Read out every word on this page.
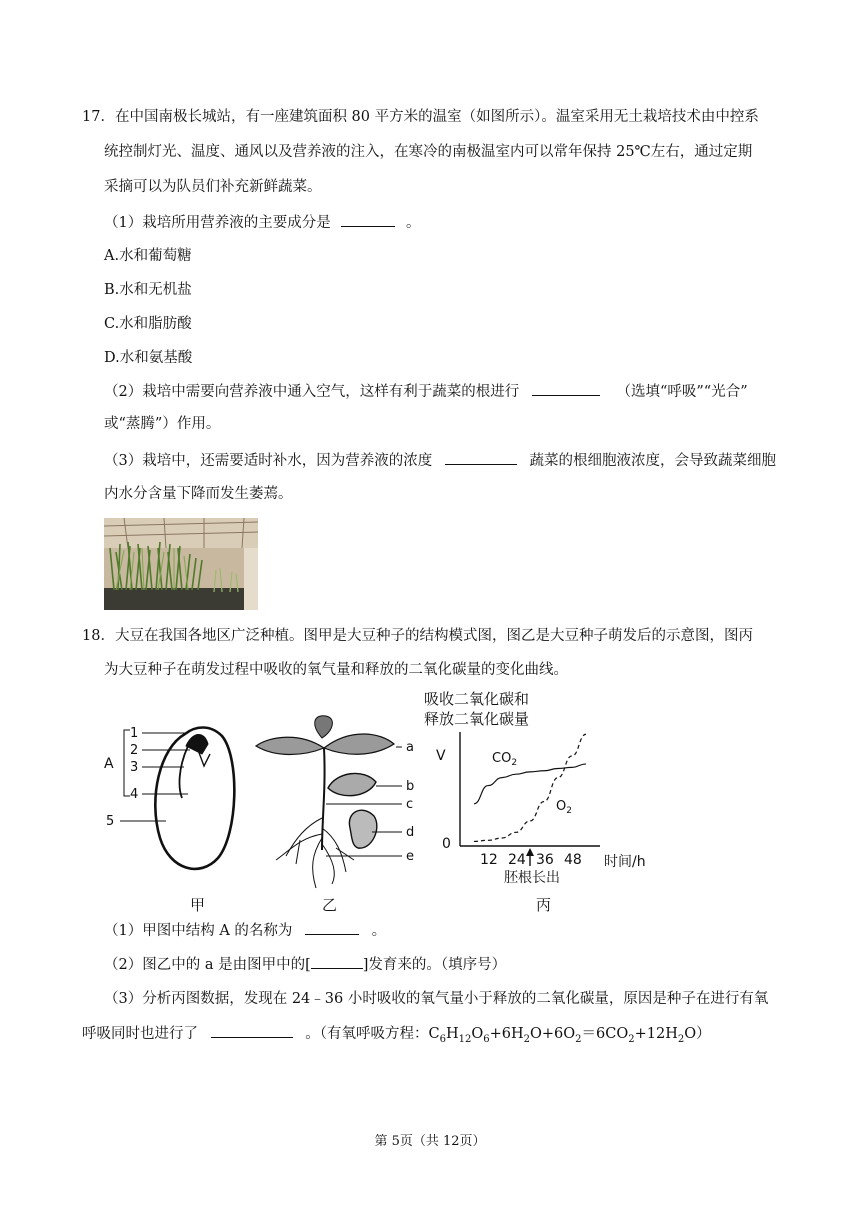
17．在中国南极长城站，有一座建筑面积 80 平方米的温室（如图所示）。温室采用无土栽培技术由中控系
统控制灯光、温度、通风以及营养液的注入，在寒冷的南极温室内可以常年保持 25℃左右，通过定期
采摘可以为队员们补充新鲜蔬菜。
（1）栽培所用营养液的主要成分是	。
A.水和葡萄糖
B.水和无机盐
C.水和脂肪酸
D.水和氨基酸
（2）栽培中需要向营养液中通入空气，这样有利于蔬菜的根进行	（选填“呼吸”“光合”
或“蒸腾”）作用。
（3）栽培中，还需要适时补水，因为营养液的浓度	蔬菜的根细胞液浓度，会导致蔬菜细胞
内水分含量下降而发生萎蔫。
18．大豆在我国各地区广泛种植。图甲是大豆种子的结构模式图，图乙是大豆种子萌发后的示意图，图丙
为大豆种子在萌发过程中吸收的氧气量和释放的二氧化碳量的变化曲线。
1
2
3
4
5
A
甲
a
b
c
d
e
乙
吸收二氧化碳和
释放二氧化碳量
V
0
12 24 36 48 时间/h
胚根长出
$CO_2$
$O_2$
丙
（1）甲图中结构 A 的名称为	。
（2）图乙中的 a 是由图甲中的[	]发育来的。（填序号）
（3）分析丙图数据，发现在 24﹣36 小时吸收的氧气量小于释放的二氧化碳量，原因是种子在进行有氧
呼吸同时也进行了	。（有氧呼吸方程：$C_6H_{12}O_6+6H_2O+6O_2=6CO_2+12H_2O$）
第 5页（共 12页）
